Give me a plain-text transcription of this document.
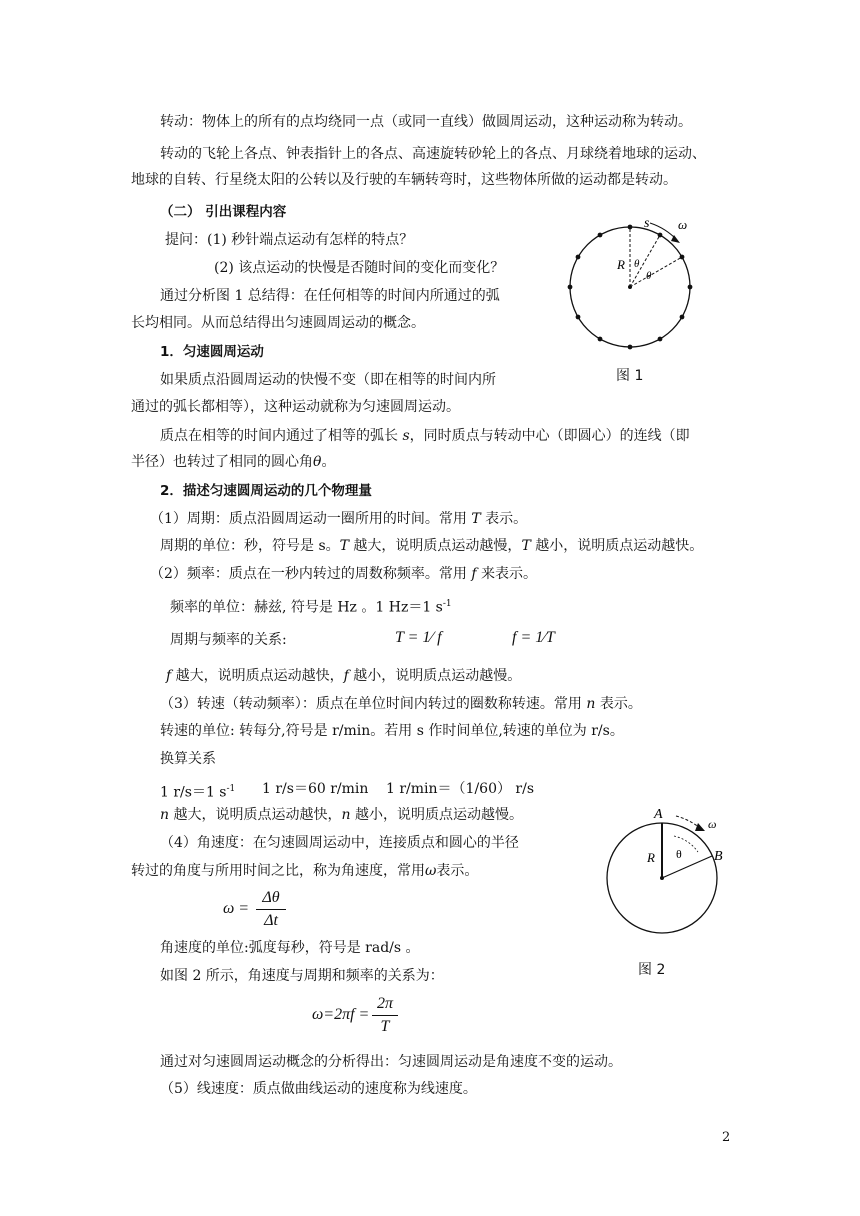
转动：物体上的所有的点均绕同一点（或同一直线）做圆周运动，这种运动称为转动。
转动的飞轮上各点、钟表指针上的各点、高速旋转砂轮上的各点、月球绕着地球的运动、
地球的自转、行星绕太阳的公转以及行驶的车辆转弯时，这些物体所做的运动都是转动。
（二） 引出课程内容
提问：(1) 秒针端点运动有怎样的特点？
(2) 该点运动的快慢是否随时间的变化而变化？
通过分析图 1 总结得：在任何相等的时间内所通过的弧
长均相同。从而总结得出匀速圆周运动的概念。
1．匀速圆周运动
如果质点沿圆周运动的快慢不变（即在相等的时间内所
通过的弧长都相等），这种运动就称为匀速圆周运动。
质点在相等的时间内通过了相等的弧长 s，同时质点与转动中心（即圆心）的连线（即
半径）也转过了相同的圆心角θ。
2．描述匀速圆周运动的几个物理量
（1）周期：质点沿圆周运动一圈所用的时间。常用 T 表示。
周期的单位：秒，符号是 s。T 越大，说明质点运动越慢，T 越小，说明质点运动越快。
（2）频率：质点在一秒内转过的周数称频率。常用 f 来表示。
频率的单位：赫兹, 符号是 Hz 。1 Hz＝1 $s^{-1}$
周期与频率的关系:	T = 1⁄ f	f = 1⁄T
f 越大，说明质点运动越快，f 越小，说明质点运动越慢。
（3）转速（转动频率）：质点在单位时间内转过的圈数称转速。常用 n 表示。
转速的单位: 转每分,符号是 r/min。若用 s 作时间单位,转速的单位为 r/s。
换算关系
1 r/s＝1 $s^{-1}$ 1 r/s＝60 r/min 1 r/min＝（1/60） r/s
n 越大，说明质点运动越快，n 越小，说明质点运动越慢。
（4）角速度：在匀速圆周运动中，连接质点和圆心的半径
转过的角度与所用时间之比，称为角速度，常用ω表示。
$\omega = \frac{\Delta\theta}{\Delta t}$
角速度的单位:弧度每秒，符号是 rad/s 。
如图 2 所示，角速度与周期和频率的关系为：
$\omega=2\pi f = \frac{2\pi}{T}$
通过对匀速圆周运动概念的分析得出：匀速圆周运动是角速度不变的运动。
（5）线速度：质点做曲线运动的速度称为线速度。
2
s ω
R θ
θ
图 1
A
B
R θ
ω
图 2
